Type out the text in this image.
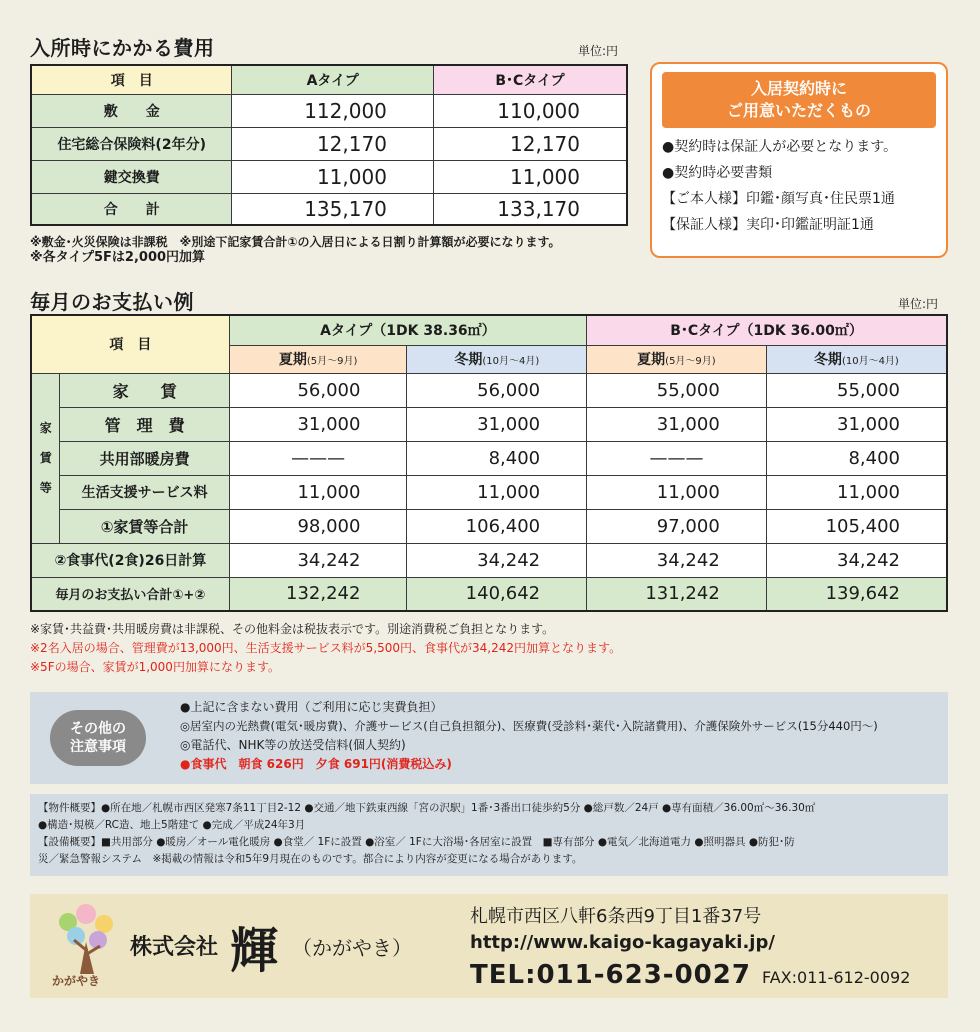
入所時にかかる費用	単位:円
項　目	Aタイプ	B･Cタイプ

敷　　金	112,000	110,000

住宅総合保険料(2年分)	12,170	12,170

鍵交換費	11,000	11,000

合　　計	135,170	133,170
※敷金･火災保険は非課税　※別途下記家賃合計①の入居日による日割り計算額が必要になります。
※各タイプ5Fは2,000円加算
入居契約時に
ご用意いただくもの
●契約時は保証人が必要となります。
●契約時必要書類
【ご本人様】印鑑･顔写真･住民票1通
【保証人様】実印･印鑑証明証1通
毎月のお支払い例	単位:円
項　目		Aタイプ（1DK 38.36㎡）		B･Cタイプ（1DK 36.00㎡）	

		夏期 (5月〜9月)	冬期 (10月〜4月)	夏期 (5月〜9月)	冬期 (10月〜4月)

家
賃
等	家　　賃	56,000	56,000	55,000	55,000

管　理　費	31,000	31,000	31,000	31,000

共用部暖房費	———	8,400	———	8,400

生活支援サービス料	11,000	11,000	11,000	11,000

①家賃等合計	98,000	106,400	97,000	105,400

②食事代(2食)26日計算		34,242	34,242	34,242	34,242

毎月のお支払い合計①+②		132,242	140,642	131,242	139,642
※家賃･共益費･共用暖房費は非課税、その他料金は税抜表示です。別途消費税ご負担となります。
※2名入居の場合、管理費が13,000円、生活支援サービス料が5,500円、食事代が34,242円加算となります。
※5Fの場合、家賃が1,000円加算になります。
その他の
注意事項
●上記に含まない費用（ご利用に応じ実費負担）
◎居室内の光熱費(電気･暖房費)、介護サービス(自己負担額分)、医療費(受診料･薬代･入院諸費用)、介護保険外サービス(15分440円〜)
◎電話代、NHK等の放送受信料(個人契約)
●食事代　朝食 626円　夕食 691円(消費税込み)
【物件概要】●所在地／札幌市西区発寒7条11丁目2-12 ●交通／地下鉄東西線「宮の沢駅」1番･3番出口徒歩約5分 ●総戸数／24戸 ●専有面積／36.00㎡〜36.30㎡
●構造･規模／RC造、地上5階建て ●完成／平成24年3月
【設備概要】■共用部分 ●暖房／オール電化暖房 ●食堂／ 1Fに設置 ●浴室／ 1Fに大浴場･各居室に設置　■専有部分 ●電気／北海道電力 ●照明器具 ●防犯･防
災／緊急警報システム　※掲載の情報は令和5年9月現在のものです。都合により内容が変更になる場合があります。
かがやき
株式会社 輝 （かがやき）
札幌市西区八軒6条西9丁目1番37号
http://www.kaigo-kagayaki.jp/
TEL:011-623-0027 FAX:011-612-0092
